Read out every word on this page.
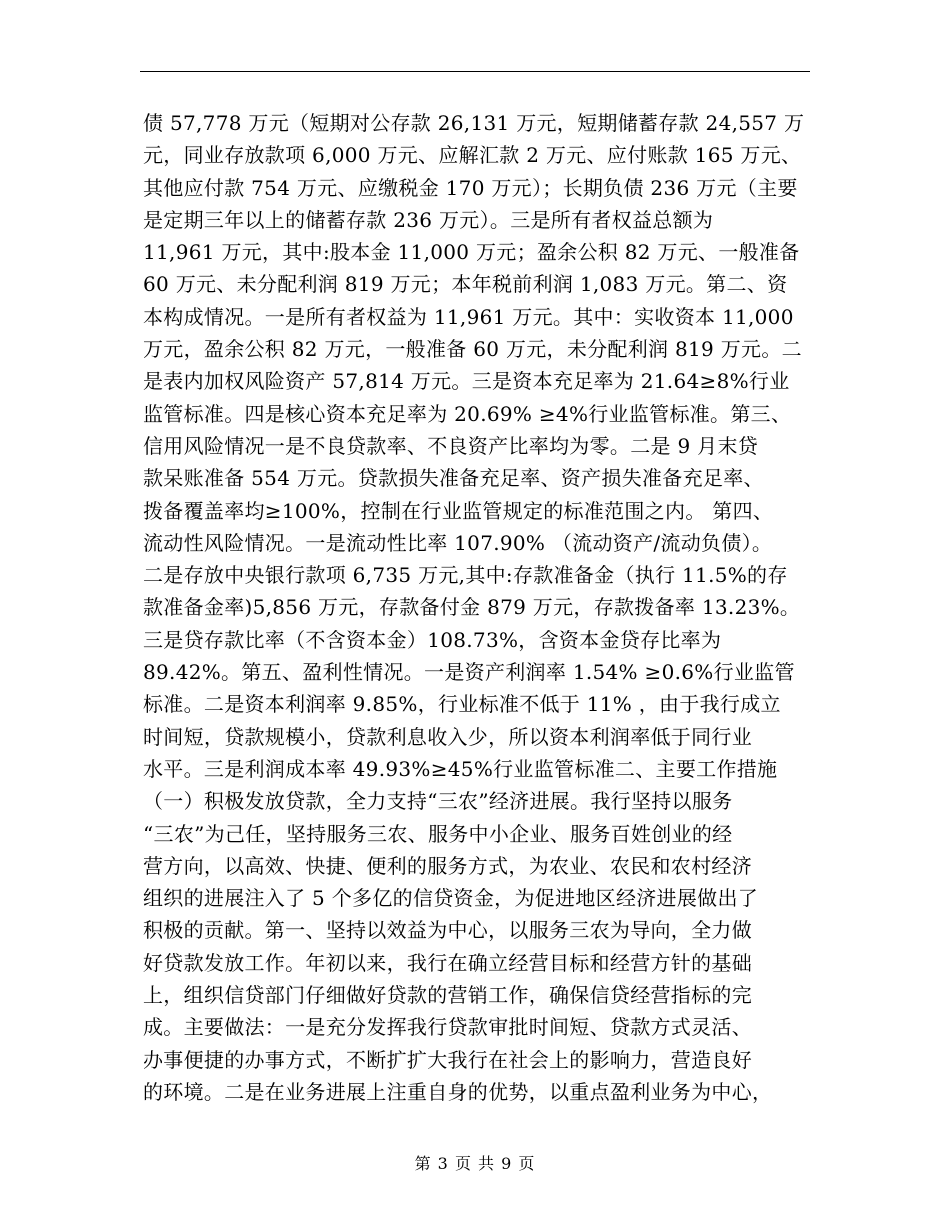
债 57,778 万元（短期对公存款 26,131 万元，短期储蓄存款 24,557 万
元，同业存放款项 6,000 万元、应解汇款 2 万元、应付账款 165 万元、
其他应付款 754 万元、应缴税金 170 万元）；长期负债 236 万元（主要
是定期三年以上的储蓄存款 236 万元）。三是所有者权益总额为
11,961 万元，其中:股本金 11,000 万元；盈余公积 82 万元、一般准备
60 万元、未分配利润 819 万元；本年税前利润 1,083 万元。第二、资
本构成情况。一是所有者权益为 11,961 万元。其中：实收资本 11,000
万元，盈余公积 82 万元，一般准备 60 万元，未分配利润 819 万元。二
是表内加权风险资产 57,814 万元。三是资本充足率为 21.64≥8%行业
监管标准。四是核心资本充足率为 20.69% ≥4%行业监管标准。第三、
信用风险情况一是不良贷款率、不良资产比率均为零。二是 9 月末贷
款呆账准备 554 万元。贷款损失准备充足率、资产损失准备充足率、
拨备覆盖率均≥100%，控制在行业监管规定的标准范围之内。 第四、
流动性风险情况。一是流动性比率 107.90% （流动资产/流动负债）。
二是存放中央银行款项 6,735 万元,其中:存款准备金（执行 11.5%的存
款准备金率)5,856 万元，存款备付金 879 万元，存款拨备率 13.23%。
三是贷存款比率（不含资本金）108.73%，含资本金贷存比率为
89.42%。第五、盈利性情况。一是资产利润率 1.54% ≥0.6%行业监管
标准。二是资本利润率 9.85%，行业标准不低于 11% ，由于我行成立
时间短，贷款规模小，贷款利息收入少，所以资本利润率低于同行业
水平。三是利润成本率 49.93%≥45%行业监管标准二、主要工作措施
（一）积极发放贷款，全力支持“三农”经济进展。我行坚持以服务
“三农”为己任，坚持服务三农、服务中小企业、服务百姓创业的经
营方向，以高效、快捷、便利的服务方式，为农业、农民和农村经济
组织的进展注入了 5 个多亿的信贷资金，为促进地区经济进展做出了
积极的贡献。第一、坚持以效益为中心，以服务三农为导向，全力做
好贷款发放工作。年初以来，我行在确立经营目标和经营方针的基础
上，组织信贷部门仔细做好贷款的营销工作，确保信贷经营指标的完
成。主要做法：一是充分发挥我行贷款审批时间短、贷款方式灵活、
办事便捷的办事方式，不断扩扩大我行在社会上的影响力，营造良好
的环境。二是在业务进展上注重自身的优势，以重点盈利业务为中心，
第 3 页 共 9 页
